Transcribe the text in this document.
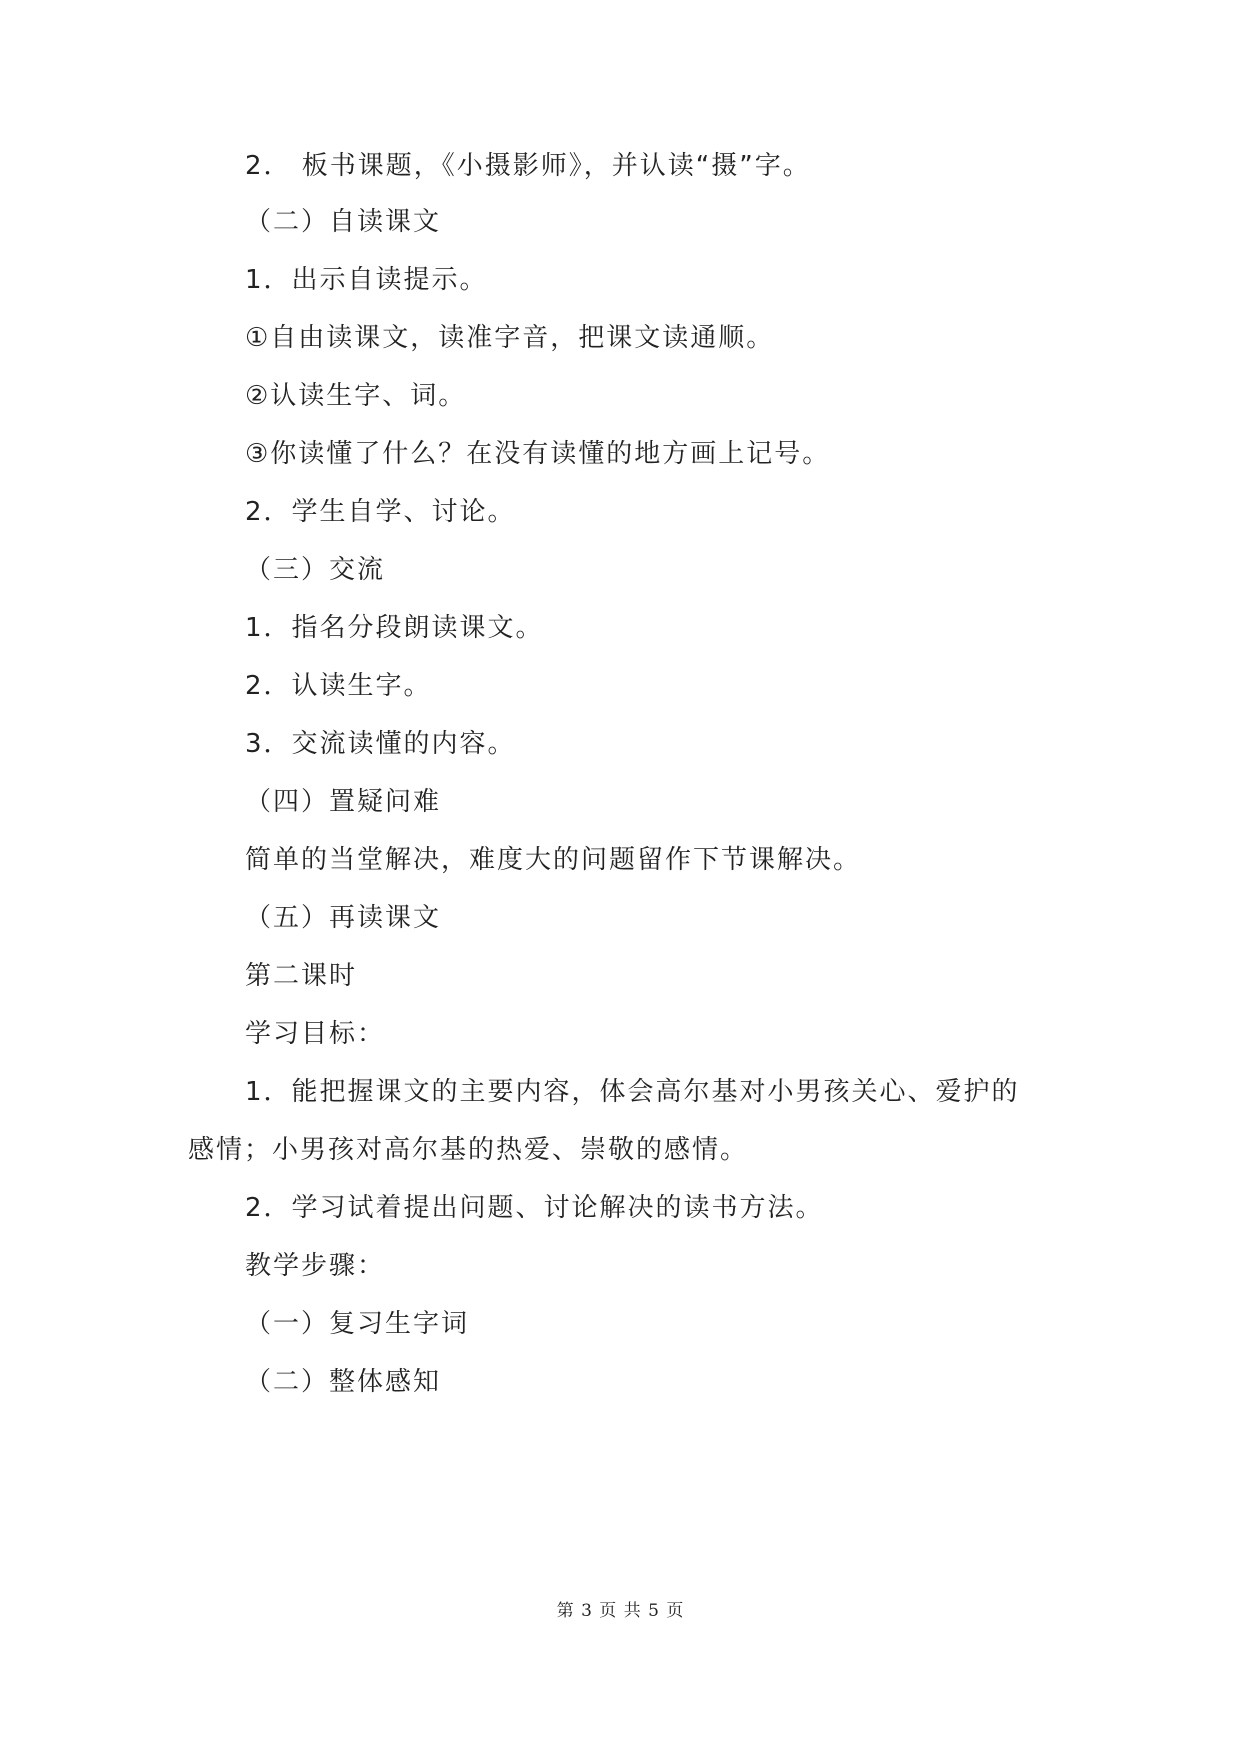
2． 板书课题，《小摄影师》，并认读“摄”字。
（二）自读课文
1．出示自读提示。
①自由读课文，读准字音，把课文读通顺。
②认读生字、词。
③你读懂了什么？在没有读懂的地方画上记号。
2．学生自学、讨论。
（三）交流
1．指名分段朗读课文。
2．认读生字。
3．交流读懂的内容。
（四）置疑问难
简单的当堂解决，难度大的问题留作下节课解决。
（五）再读课文
第二课时
学习目标：
1．能把握课文的主要内容，体会高尔基对小男孩关心、爱护的
感情；小男孩对高尔基的热爱、崇敬的感情。
2．学习试着提出问题、讨论解决的读书方法。
教学步骤：
（一）复习生字词
（二）整体感知
第 3 页 共 5 页
